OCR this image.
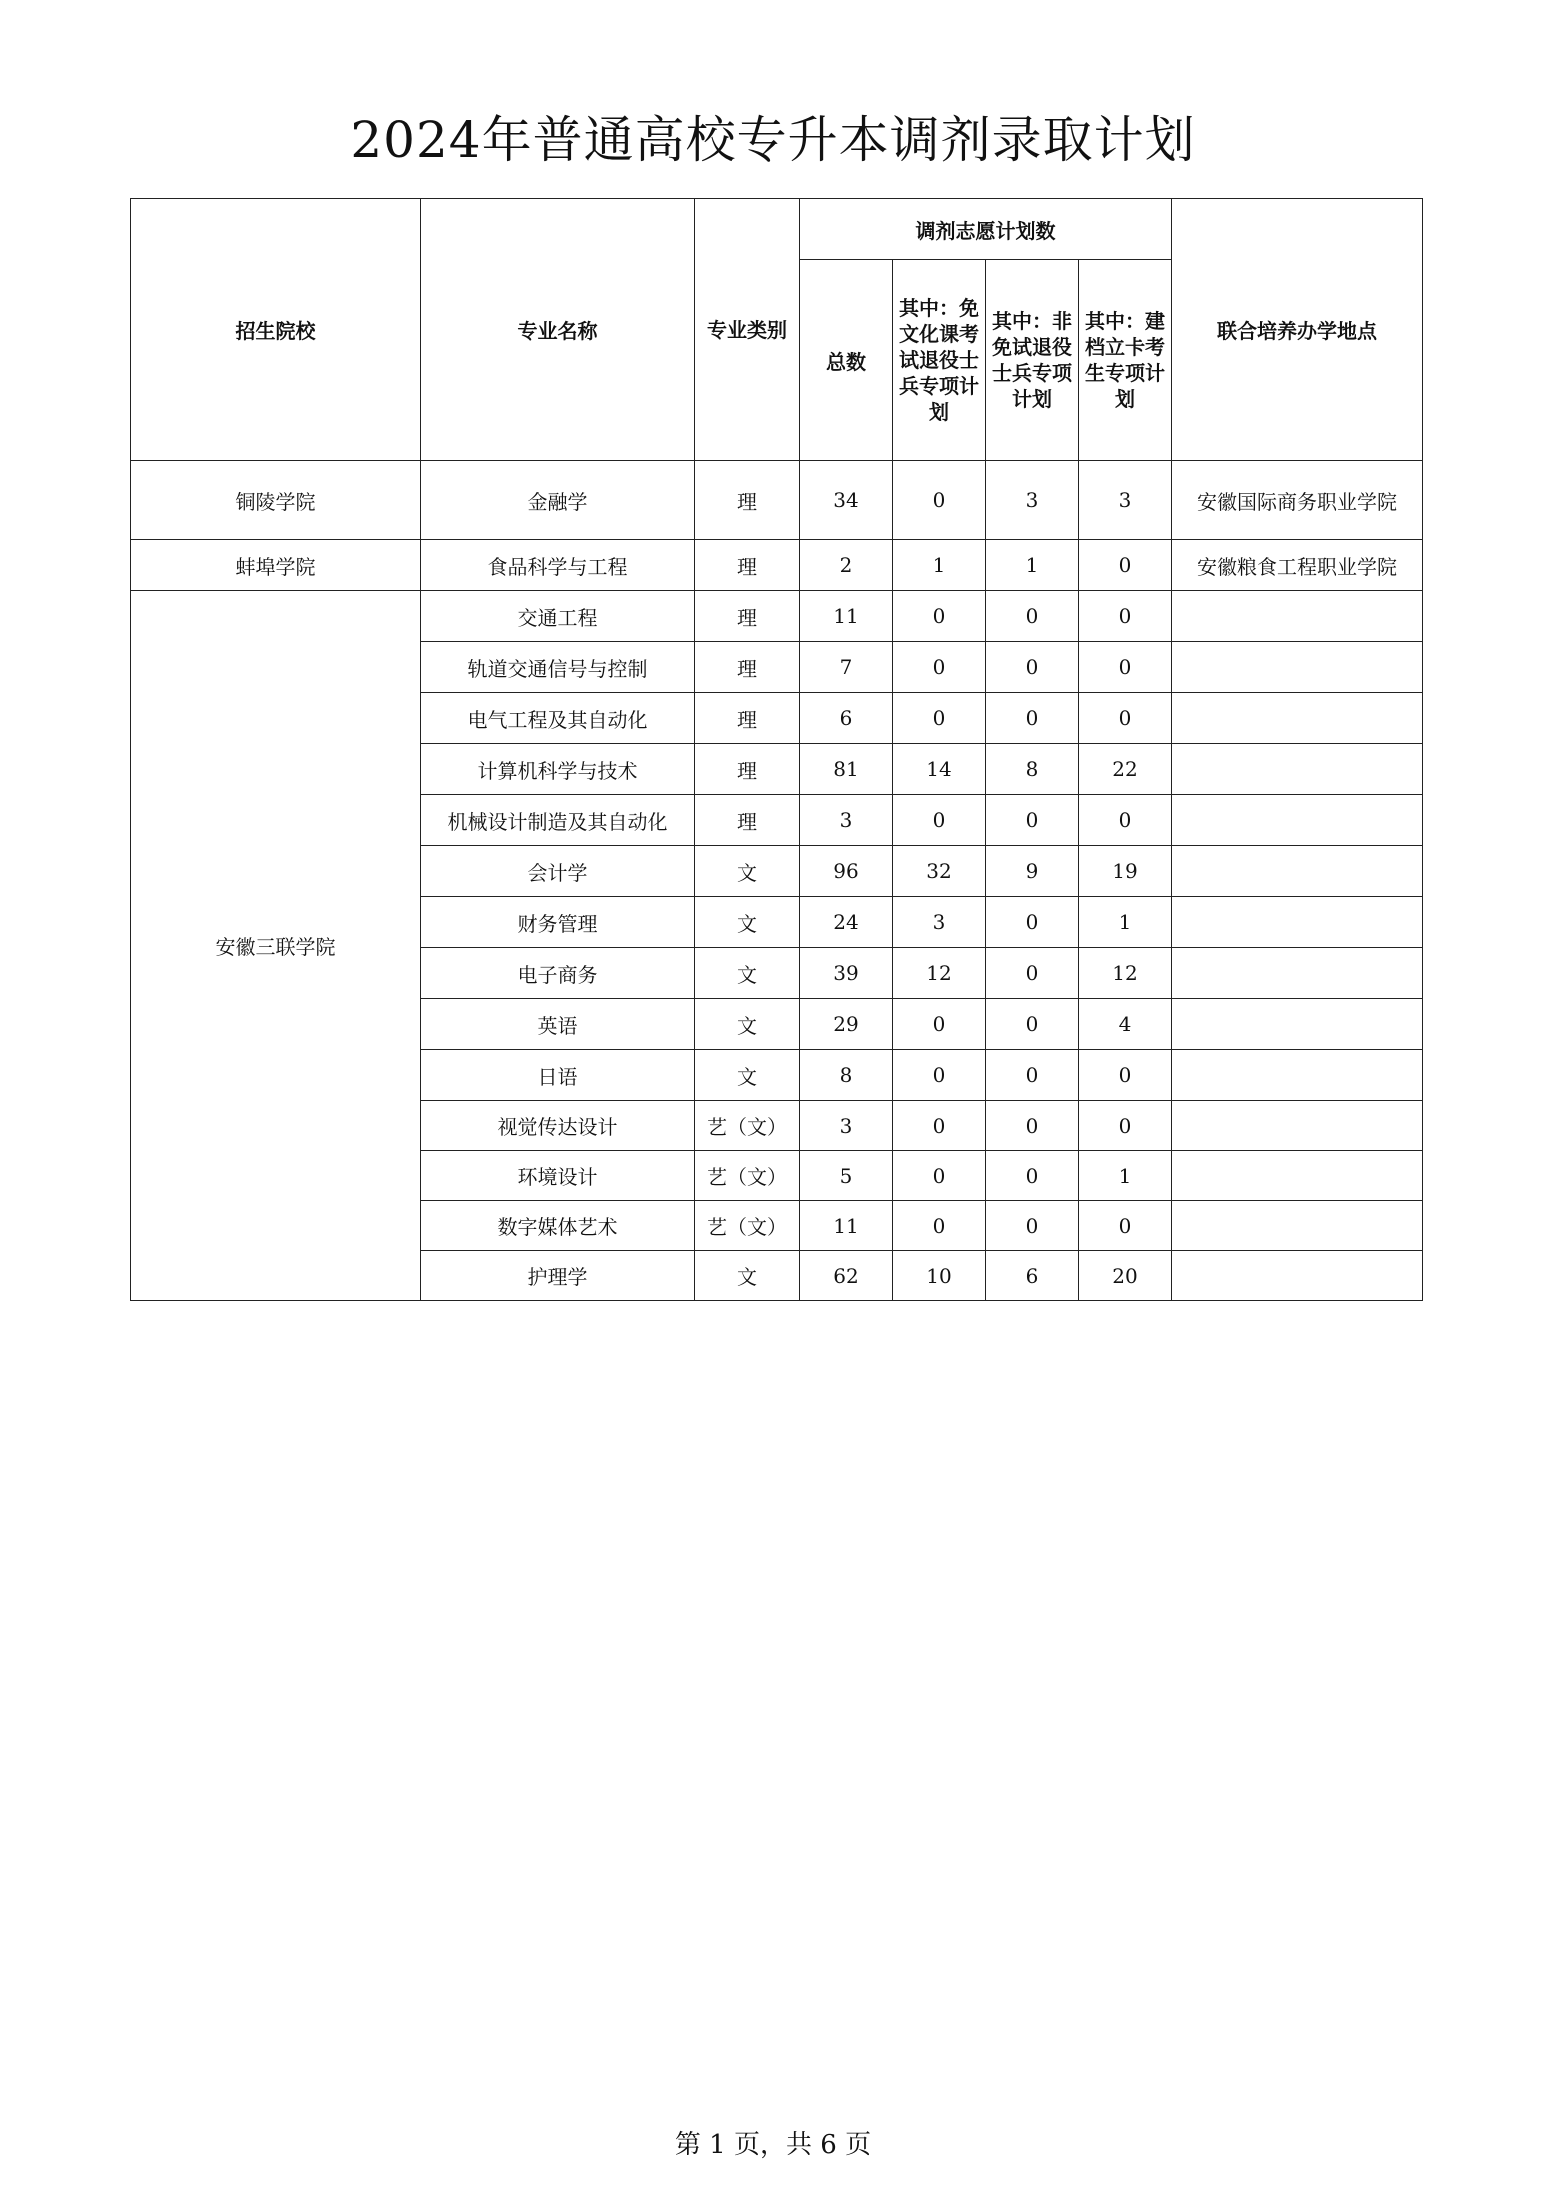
2024年普通高校专升本调剂录取计划
招生院校	专业名称	专业类别	调剂志愿计划数				联合培养办学地点
			总数	其中：免文化课考试退役士兵专项计划	其中：非免试退役士兵专项计划	其中：建档立卡考生专项计划	
铜陵学院	金融学	理	34	0	3	3	安徽国际商务职业学院
蚌埠学院	食品科学与工程	理	2	1	1	0	安徽粮食工程职业学院
安徽三联学院	交通工程	理	11	0	0	0	
	轨道交通信号与控制	理	7	0	0	0	
	电气工程及其自动化	理	6	0	0	0	
	计算机科学与技术	理	81	14	8	22	
	机械设计制造及其自动化	理	3	0	0	0	
	会计学	文	96	32	9	19	
	财务管理	文	24	3	0	1	
	电子商务	文	39	12	0	12	
	英语	文	29	0	0	4	
	日语	文	8	0	0	0	
	视觉传达设计	艺（文）	3	0	0	0	
	环境设计	艺（文）	5	0	0	1	
	数字媒体艺术	艺（文）	11	0	0	0	
	护理学	文	62	10	6	20	
第 1 页，共 6 页
